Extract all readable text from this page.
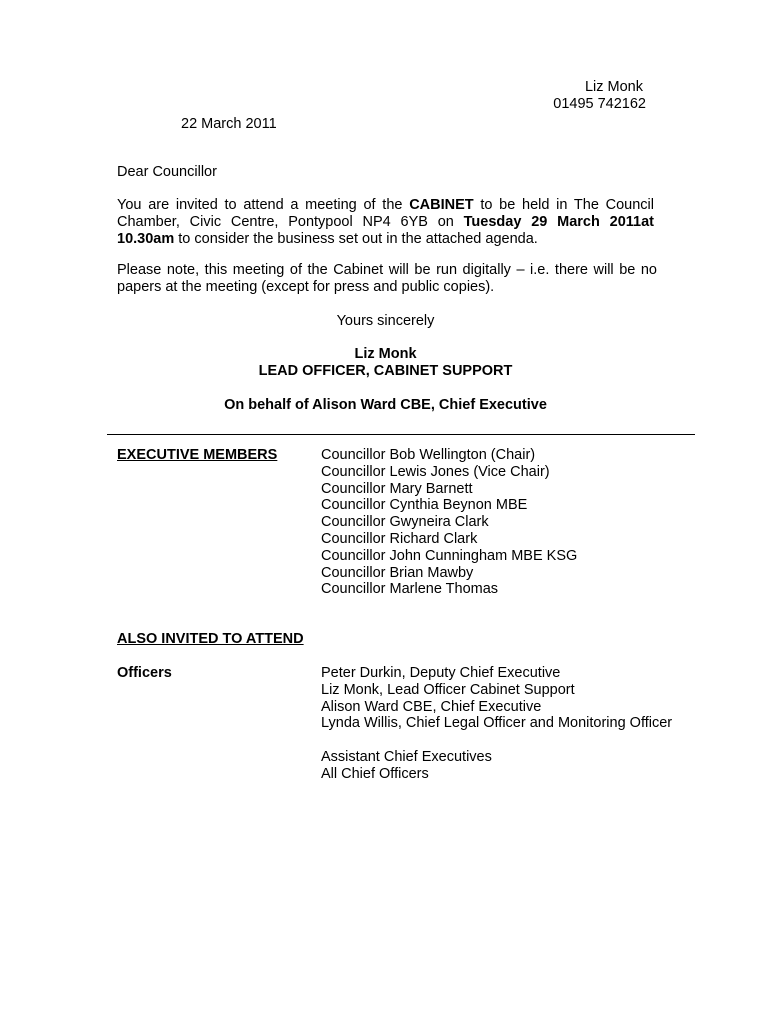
Liz Monk
01495 742162
22 March 2011
Dear Councillor
You are invited to attend a meeting of the CABINET to be held in The Council Chamber, Civic Centre, Pontypool NP4 6YB on Tuesday 29 March 2011at 10.30am to consider the business set out in the attached agenda.
Please note, this meeting of the Cabinet will be run digitally – i.e. there will be no papers at the meeting (except for press and public copies).
Yours sincerely
Liz Monk
LEAD OFFICER, CABINET SUPPORT
On behalf of Alison Ward CBE, Chief Executive
EXECUTIVE MEMBERS	Councillor Bob Wellington (Chair)
Councillor Lewis Jones (Vice Chair)
Councillor Mary Barnett
Councillor Cynthia Beynon MBE
Councillor Gwyneira Clark
Councillor Richard Clark
Councillor John Cunningham MBE KSG
Councillor Brian Mawby
Councillor Marlene Thomas
ALSO INVITED TO ATTEND
Officers	Peter Durkin, Deputy Chief Executive
Liz Monk, Lead Officer Cabinet Support
Alison Ward CBE, Chief Executive
Lynda Willis, Chief Legal Officer and Monitoring Officer
Assistant Chief Executives
All Chief Officers
